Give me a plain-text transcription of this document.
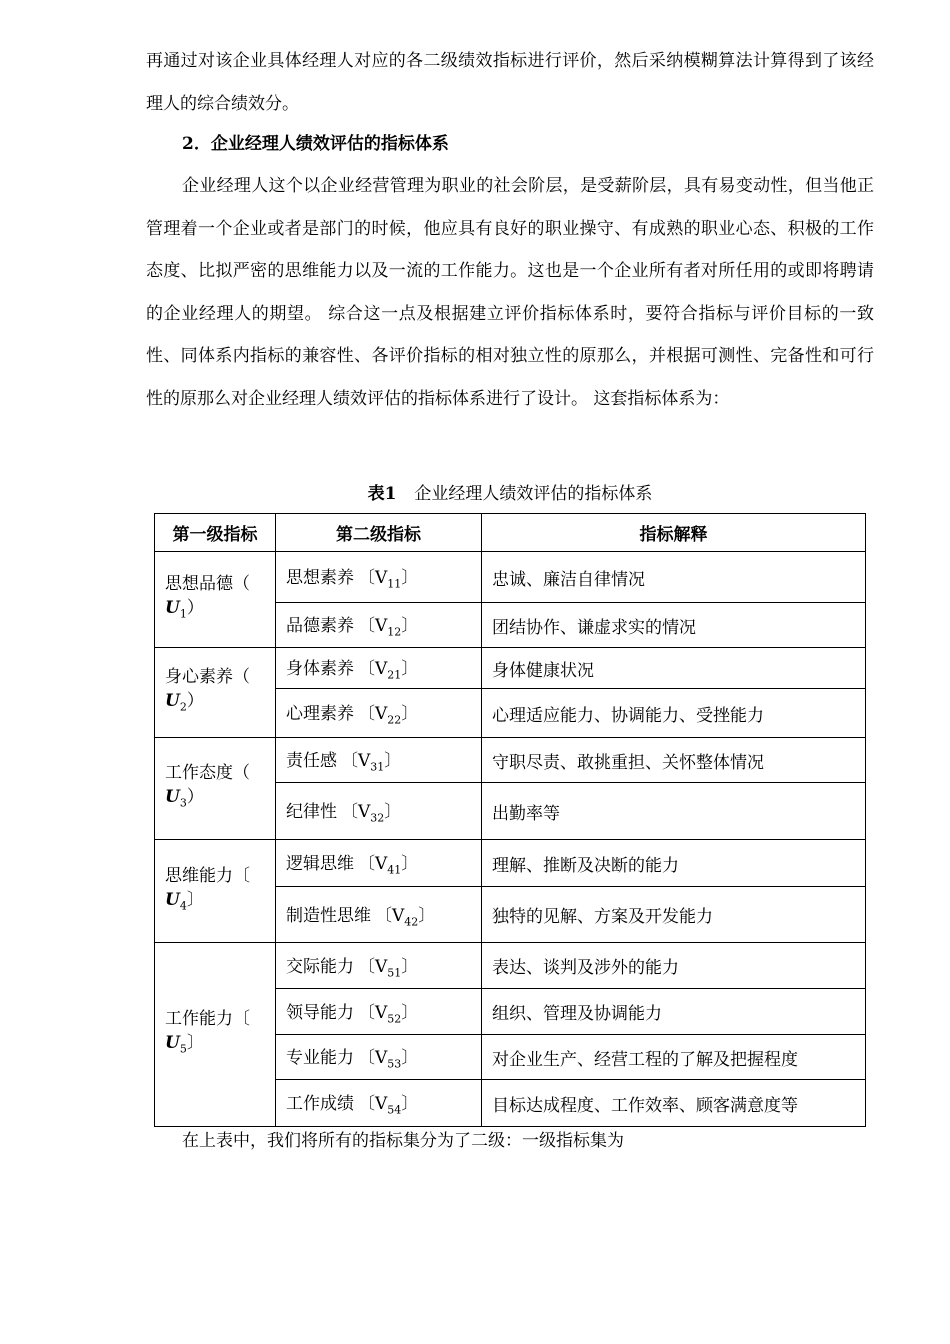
再通过对该企业具体经理人对应的各二级绩效指标进行评价，然后采纳模糊算法计算得到了该经理人的综合绩效分。

2．企业经理人绩效评估的指标体系

企业经理人这个以企业经营管理为职业的社会阶层，是受薪阶层，具有易变动性，但当他正管理着一个企业或者是部门的时候，他应具有良好的职业操守、有成熟的职业心态、积极的工作态度、比拟严密的思维能力以及一流的工作能力。这也是一个企业所有者对所任用的或即将聘请的企业经理人的期望。 综合这一点及根据建立评价指标体系时，要符合指标与评价目标的一致性、同体系内指标的兼容性、各评价指标的相对独立性的原那么，并根据可测性、完备性和可行性的原那么对企业经理人绩效评估的指标体系进行了设计。 这套指标体系为：

表1 企业经理人绩效评估的指标体系

第一级指标	第二级指标	指标解释
思想品德（
$U_1$）	思想素养 〔$V_{11}$〕	忠诚、廉洁自律情况
	品德素养 〔$V_{12}$〕	团结协作、谦虚求实的情况
身心素养（
$U_2$）	身体素养 〔$V_{21}$〕	身体健康状况
	心理素养 〔$V_{22}$〕	心理适应能力、协调能力、受挫能力
工作态度（
$U_3$）	责任感 〔$V_{31}$〕	守职尽责、敢挑重担、关怀整体情况
	纪律性 〔$V_{32}$〕	出勤率等
思维能力〔
$U_4$〕	逻辑思维 〔$V_{41}$〕	理解、推断及决断的能力
	制造性思维 〔$V_{42}$〕	独特的见解、方案及开发能力
工作能力〔
$U_5$〕	交际能力 〔$V_{51}$〕	表达、谈判及涉外的能力
	领导能力 〔$V_{52}$〕	组织、管理及协调能力
	专业能力 〔$V_{53}$〕	对企业生产、经营工程的了解及把握程度
	工作成绩 〔$V_{54}$〕	目标达成程度、工作效率、顾客满意度等

在上表中，我们将所有的指标集分为了二级：一级指标集为
